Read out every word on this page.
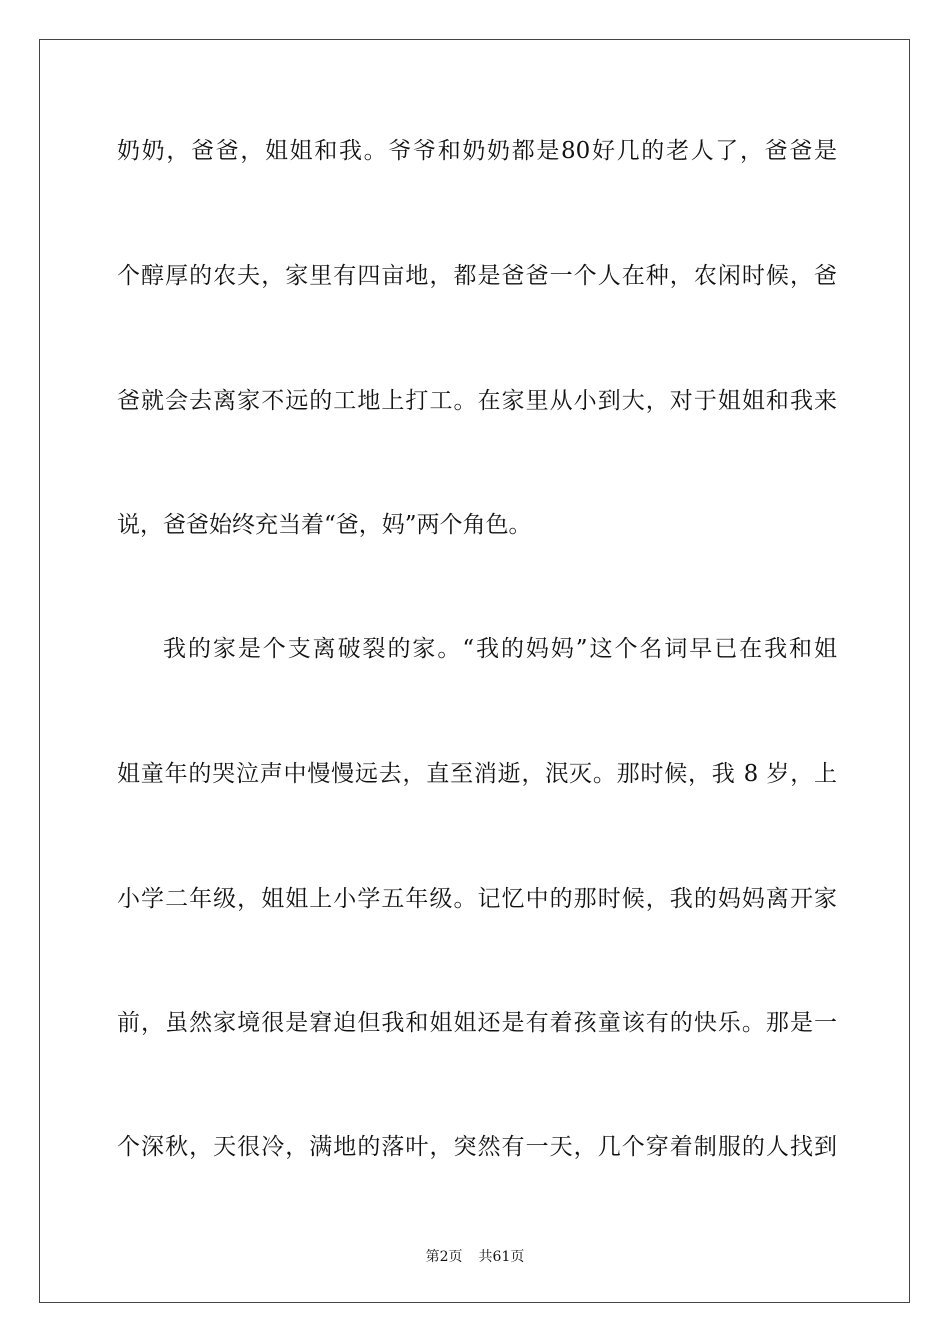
奶奶，爸爸，姐姐和我。爷爷和奶奶都是80好几的老人了，爸爸是
个醇厚的农夫，家里有四亩地，都是爸爸一个人在种，农闲时候，爸
爸就会去离家不远的工地上打工。在家里从小到大，对于姐姐和我来
说，爸爸始终充当着“爸，妈”两个角色。
我的家是个支离破裂的家。“我的妈妈”这个名词早已在我和姐
姐童年的哭泣声中慢慢远去，直至消逝，泯灭。那时候，我 8 岁，上
小学二年级，姐姐上小学五年级。记忆中的那时候，我的妈妈离开家
前，虽然家境很是窘迫但我和姐姐还是有着孩童该有的快乐。那是一
个深秋，天很冷，满地的落叶，突然有一天，几个穿着制服的人找到
第2页 共61页
